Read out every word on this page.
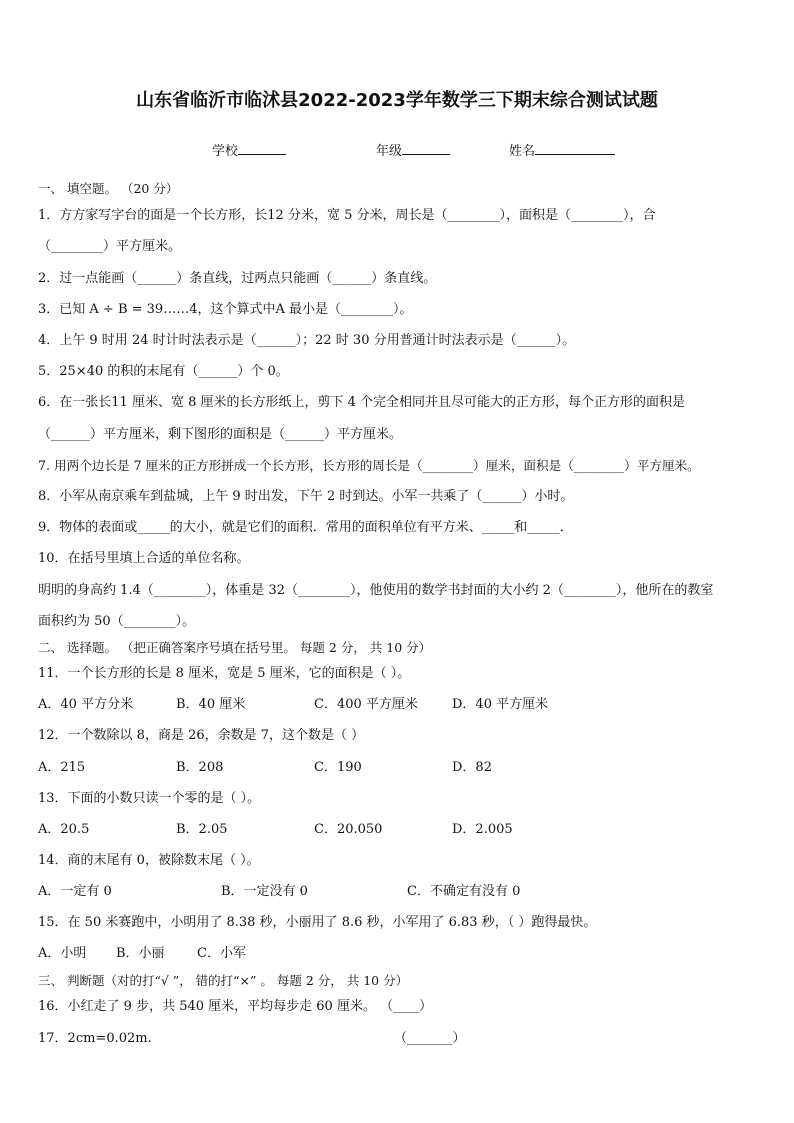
山东省临沂市临沭县2022-2023学年数学三下期末综合测试试题
学校	年级	姓名
一、 填空题。 （20 分）
1．方方家写字台的面是一个长方形，长12 分米，宽 5 分米，周长是（________），面积是（________），合
（________）平方厘米。
2．过一点能画（______）条直线，过两点只能画（______）条直线。
3．已知 A ÷ B = 39……4，这个算式中A 最小是（________）。
4．上午 9 时用 24 时计时法表示是（______）；22 时 30 分用普通计时法表示是（______）。
5．25×40 的积的末尾有（______）个 0。
6．在一张长11 厘米、宽 8 厘米的长方形纸上，剪下 4 个完全相同并且尽可能大的正方形，每个正方形的面积是
（______）平方厘米，剩下图形的面积是（______）平方厘米。
7. 用两个边长是 7 厘米的正方形拼成一个长方形，长方形的周长是（________）厘米，面积是（________）平方厘米。
8．小军从南京乘车到盐城，上午 9 时出发，下午 2 时到达。小军一共乘了（______）小时。
9．物体的表面或_____的大小，就是它们的面积．常用的面积单位有平方米、_____和_____．
10．在括号里填上合适的单位名称。
明明的身高约 1.4（________），体重是 32（________），他使用的数学书封面的大小约 2（________），他所在的教室
面积约为 50（________）。
二、 选择题。 （把正确答案序号填在括号里。 每题 2 分， 共 10 分）
11．一个长方形的长是 8 厘米，宽是 5 厘米，它的面积是（ ）。
A．40 平方分米	B．40 厘米	C．400 平方厘米	D．40 平方厘米
12．一个数除以 8，商是 26，余数是 7，这个数是（ ）
A．215	B．208	C．190	D．82
13．下面的小数只读一个零的是（ ）。
A．20.5	B．2.05	C．20.050	D．2.005
14．商的末尾有 0，被除数末尾（ ）。
A．一定有 0	B．一定没有 0	C．不确定有没有 0
15．在 50 米赛跑中，小明用了 8.38 秒，小丽用了 8.6 秒，小军用了 6.83 秒，（ ）跑得最快。
A．小明 B．小丽 C．小军
三、 判断题（对的打“√ ”， 错的打“×” 。 每题 2 分， 共 10 分）
16．小红走了 9 步，共 540 厘米，平均每步走 60 厘米。 （____）
17．2cm=0.02m.	（_______）
